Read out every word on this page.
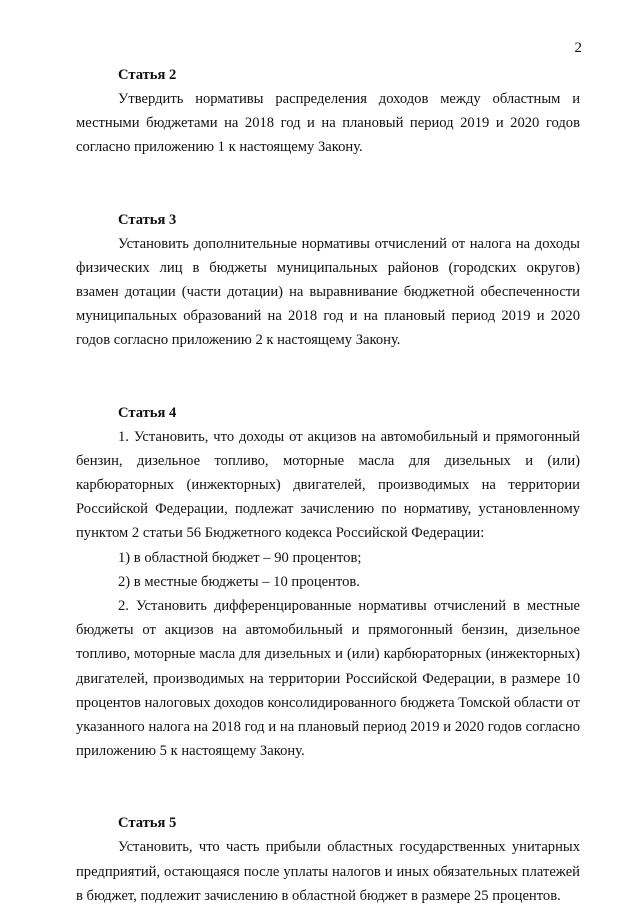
2
Статья 2

Утвердить нормативы распределения доходов между областным и местными бюджетами на 2018 год и на плановый период 2019 и 2020 годов согласно приложению 1 к настоящему Закону.

Статья 3

Установить дополнительные нормативы отчислений от налога на доходы физических лиц в бюджеты муниципальных районов (городских округов) взамен дотации (части дотации) на выравнивание бюджетной обеспеченности муниципальных образований на 2018 год и на плановый период 2019 и 2020 годов согласно приложению 2 к настоящему Закону.

Статья 4

1. Установить, что доходы от акцизов на автомобильный и прямогонный бензин, дизельное топливо, моторные масла для дизельных и (или) карбюраторных (инжекторных) двигателей, производимых на территории Российской Федерации, подлежат зачислению по нормативу, установленному пунктом 2 статьи 56 Бюджетного кодекса Российской Федерации:

1) в областной бюджет – 90 процентов;

2) в местные бюджеты – 10 процентов.

2. Установить дифференцированные нормативы отчислений в местные бюджеты от акцизов на автомобильный и прямогонный бензин, дизельное топливо, моторные масла для дизельных и (или) карбюраторных (инжекторных) двигателей, производимых на территории Российской Федерации, в размере 10 процентов налоговых доходов консолидированного бюджета Томской области от указанного налога на 2018 год и на плановый период 2019 и 2020 годов согласно приложению 5 к настоящему Закону.

Статья 5

Установить, что часть прибыли областных государственных унитарных предприятий, остающаяся после уплаты налогов и иных обязательных платежей в бюджет, подлежит зачислению в областной бюджет в размере 25 процентов.
